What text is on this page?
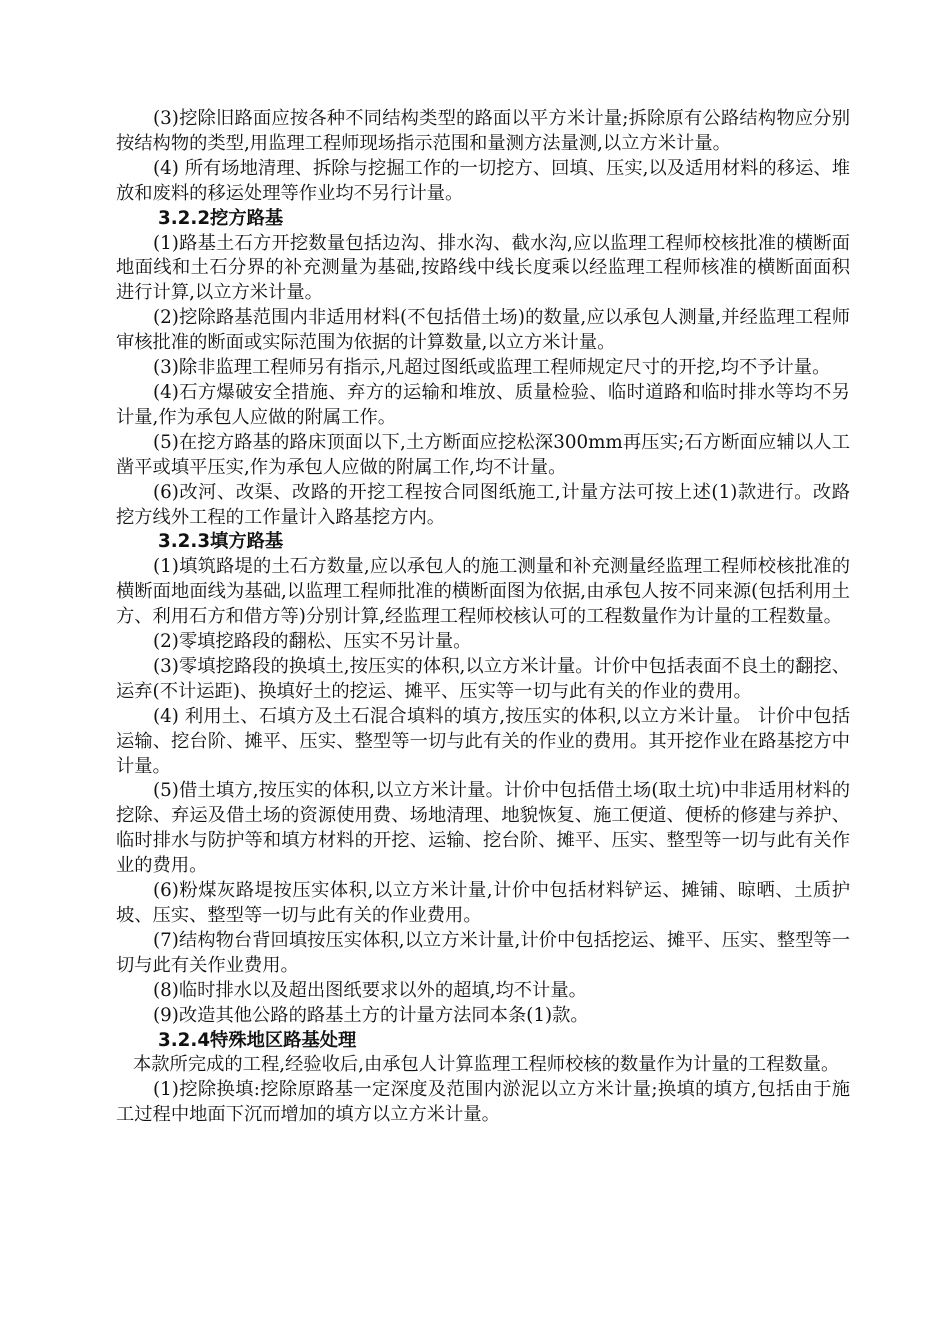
(3)挖除旧路面应按各种不同结构类型的路面以平方米计量;拆除原有公路结构物应分别按结构物的类型,用监理工程师现场指示范围和量测方法量测,以立方米计量。

(4) 所有场地清理、拆除与挖掘工作的一切挖方、回填、压实,以及适用材料的移运、堆放和废料的移运处理等作业均不另行计量。

3.2.2挖方路基

(1)路基土石方开挖数量包括边沟、排水沟、截水沟,应以监理工程师校核批准的横断面地面线和土石分界的补充测量为基础,按路线中线长度乘以经监理工程师核准的横断面面积进行计算,以立方米计量。

(2)挖除路基范围内非适用材料(不包括借土场)的数量,应以承包人测量,并经监理工程师审核批准的断面或实际范围为依据的计算数量,以立方米计量。

(3)除非监理工程师另有指示,凡超过图纸或监理工程师规定尺寸的开挖,均不予计量。

(4)石方爆破安全措施、弃方的运输和堆放、质量检验、临时道路和临时排水等均不另计量,作为承包人应做的附属工作。

(5)在挖方路基的路床顶面以下,土方断面应挖松深300mm再压实;石方断面应辅以人工凿平或填平压实,作为承包人应做的附属工作,均不计量。

(6)改河、改渠、改路的开挖工程按合同图纸施工,计量方法可按上述(1)款进行。改路挖方线外工程的工作量计入路基挖方内。

3.2.3填方路基

(1)填筑路堤的土石方数量,应以承包人的施工测量和补充测量经监理工程师校核批准的横断面地面线为基础,以监理工程师批准的横断面图为依据,由承包人按不同来源(包括利用土方、利用石方和借方等)分别计算,经监理工程师校核认可的工程数量作为计量的工程数量。

(2)零填挖路段的翻松、压实不另计量。

(3)零填挖路段的换填土,按压实的体积,以立方米计量。计价中包括表面不良土的翻挖、运弃(不计运距)、换填好土的挖运、摊平、压实等一切与此有关的作业的费用。

(4) 利用土、石填方及土石混合填料的填方,按压实的体积,以立方米计量。 计价中包括运输、挖台阶、摊平、压实、整型等一切与此有关的作业的费用。其开挖作业在路基挖方中计量。

(5)借土填方,按压实的体积,以立方米计量。计价中包括借土场(取土坑)中非适用材料的挖除、弃运及借土场的资源使用费、场地清理、地貌恢复、施工便道、便桥的修建与养护、临时排水与防护等和填方材料的开挖、运输、挖台阶、摊平、压实、整型等一切与此有关作业的费用。

(6)粉煤灰路堤按压实体积,以立方米计量,计价中包括材料铲运、摊铺、晾晒、土质护坡、压实、整型等一切与此有关的作业费用。

(7)结构物台背回填按压实体积,以立方米计量,计价中包括挖运、摊平、压实、整型等一切与此有关作业费用。

(8)临时排水以及超出图纸要求以外的超填,均不计量。

(9)改造其他公路的路基土方的计量方法同本条(1)款。

3.2.4特殊地区路基处理

本款所完成的工程,经验收后,由承包人计算监理工程师校核的数量作为计量的工程数量。

(1)挖除换填:挖除原路基一定深度及范围内淤泥以立方米计量;换填的填方,包括由于施工过程中地面下沉而增加的填方以立方米计量。
